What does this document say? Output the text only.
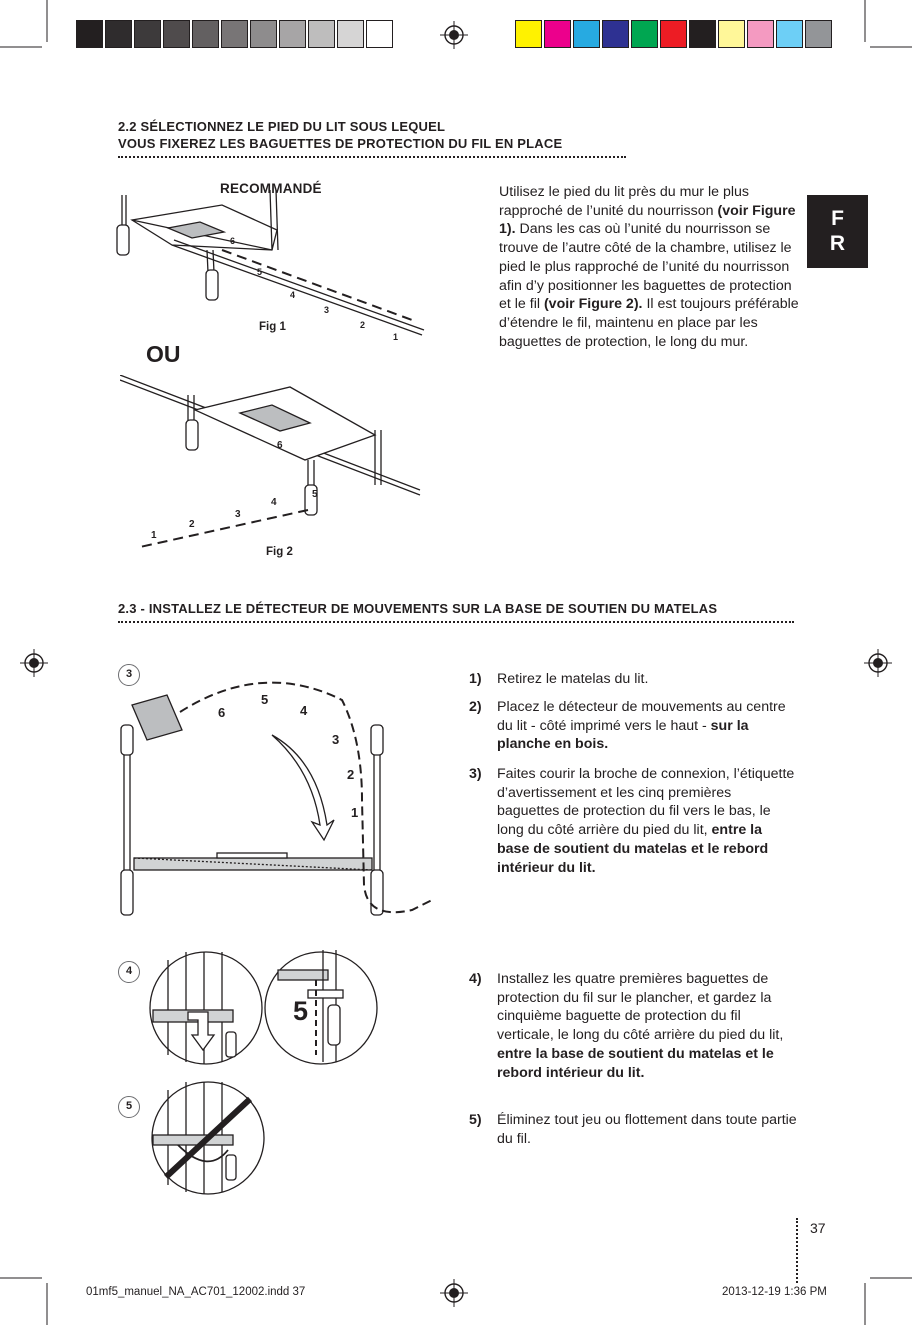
F
R
2.2 SÉLECTIONNEZ LE PIED DU LIT SOUS LEQUEL
VOUS FIXEREZ LES BAGUETTES DE PROTECTION DU FIL EN PLACE
RECOMMANDÉ
OU
Fig 1
Fig 2
6
5
4
3
2
1
6
5
4
3
2
1

Utilisez le pied du lit près du mur le plus rapproché de l’unité du nourrisson (voir Figure 1). Dans les cas où l’unité du nourrisson se trouve de l’autre côté de la chambre, utilisez le pied le plus rapproché de l’unité du nourrisson afin d’y positionner les baguettes de protection et le fil (voir Figure 2). Il est toujours préférable d’étendre le fil, maintenu en place par les baguettes de protection, le long du mur.

2.3 - INSTALLEZ LE DÉTECTEUR DE MOUVEMENTS SUR LA BASE DE SOUTIEN DU MATELAS
6
5
4
3
2
1
3
5
4
5
1) Retirez le matelas du lit.
2) Placez le détecteur de mouvements au centre du lit - côté imprimé vers le haut - sur la planche en bois.
3) Faites courir la broche de connexion, l’étiquette d’avertissement et les cinq premières baguettes de protection du fil vers le bas, le long du côté arrière du pied du lit, entre la base de soutient du matelas et le rebord intérieur du lit.
4) Installez les quatre premières baguettes de protection du fil sur le plancher, et gardez la cinquième baguette de protection du fil verticale, le long du côté arrière du pied du lit, entre la base de soutient du matelas et le rebord intérieur du lit.
5) Éliminez tout jeu ou flottement dans toute partie du fil.
37
01mf5_manuel_NA_AC701_12002.indd 37	2013-12-19 1:36 PM
